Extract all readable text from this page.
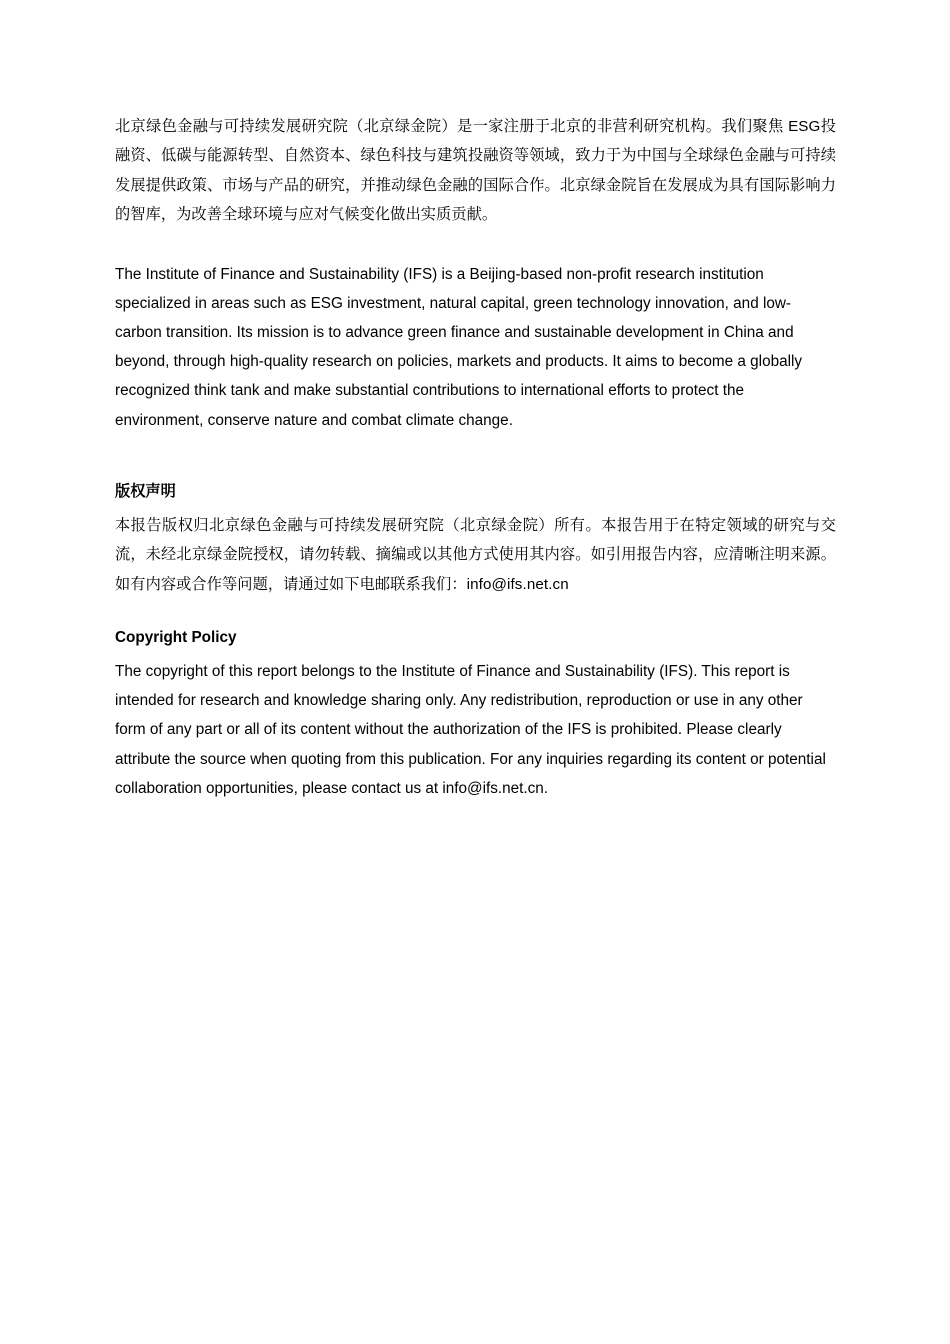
北京绿色金融与可持续发展研究院（北京绿金院）是一家注册于北京的非营利研究机构。我们聚焦 ESG投融资、低碳与能源转型、自然资本、绿色科技与建筑投融资等领域，致力于为中国与全球绿色金融与可持续发展提供政策、市场与产品的研究，并推动绿色金融的国际合作。北京绿金院旨在发展成为具有国际影响力的智库，为改善全球环境与应对气候变化做出实质贡献。

The Institute of Finance and Sustainability (IFS) is a Beijing-based non-profit research institution specialized in areas such as ESG investment, natural capital, green technology innovation, and low-carbon transition. Its mission is to advance green finance and sustainable development in China and beyond, through high-quality research on policies, markets and products. It aims to become a globally recognized think tank and make substantial contributions to international efforts to protect the environment, conserve nature and combat climate change.

版权声明

本报告版权归北京绿色金融与可持续发展研究院（北京绿金院）所有。本报告用于在特定领域的研究与交流，未经北京绿金院授权，请勿转载、摘编或以其他方式使用其内容。如引用报告内容，应清晰注明来源。如有内容或合作等问题，请通过如下电邮联系我们：info@ifs.net.cn

Copyright Policy

The copyright of this report belongs to the Institute of Finance and Sustainability (IFS). This report is intended for research and knowledge sharing only. Any redistribution, reproduction or use in any other form of any part or all of its content without the authorization of the IFS is prohibited. Please clearly attribute the source when quoting from this publication. For any inquiries regarding its content or potential collaboration opportunities, please contact us at info@ifs.net.cn.
